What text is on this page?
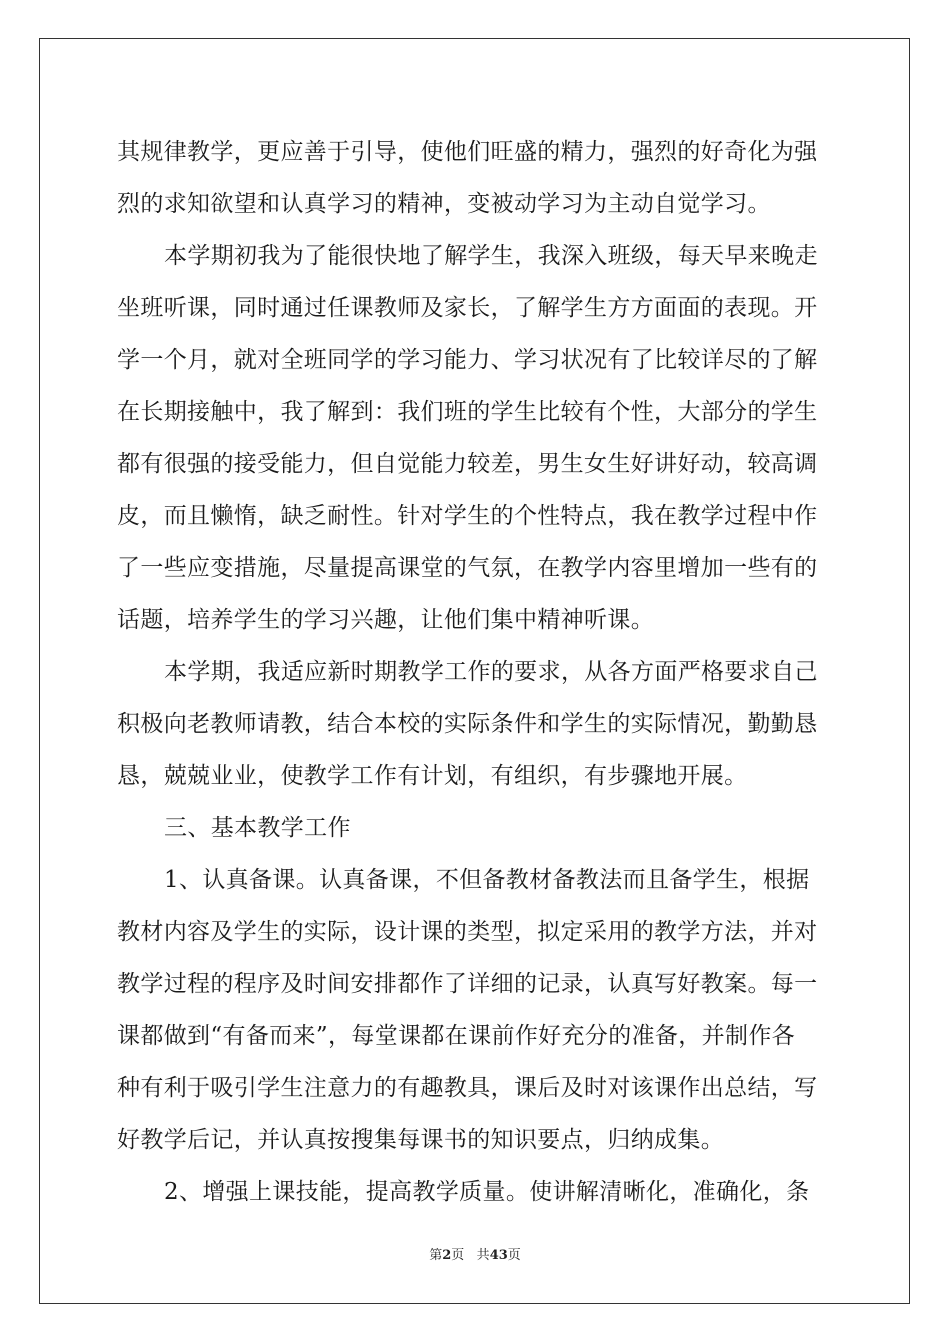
其规律教学，更应善于引导，使他们旺盛的精力，强烈的好奇化为强
烈的求知欲望和认真学习的精神，变被动学习为主动自觉学习。
本学期初我为了能很快地了解学生，我深入班级，每天早来晚走
坐班听课，同时通过任课教师及家长，了解学生方方面面的表现。开
学一个月，就对全班同学的学习能力、学习状况有了比较详尽的了解
在长期接触中，我了解到：我们班的学生比较有个性，大部分的学生
都有很强的接受能力，但自觉能力较差，男生女生好讲好动，较高调
皮，而且懒惰，缺乏耐性。针对学生的个性特点，我在教学过程中作
了一些应变措施，尽量提高课堂的气氛，在教学内容里增加一些有的
话题，培养学生的学习兴趣，让他们集中精神听课。
本学期，我适应新时期教学工作的要求，从各方面严格要求自己
积极向老教师请教，结合本校的实际条件和学生的实际情况，勤勤恳
恳，兢兢业业，使教学工作有计划，有组织，有步骤地开展。
三、基本教学工作
1、认真备课。认真备课，不但备教材备教法而且备学生，根据
教材内容及学生的实际，设计课的类型，拟定采用的教学方法，并对
教学过程的程序及时间安排都作了详细的记录，认真写好教案。每一
课都做到“有备而来”，每堂课都在课前作好充分的准备，并制作各
种有利于吸引学生注意力的有趣教具，课后及时对该课作出总结，写
好教学后记，并认真按搜集每课书的知识要点，归纳成集。
2、增强上课技能，提高教学质量。使讲解清晰化，准确化，条
第2页 共43页
